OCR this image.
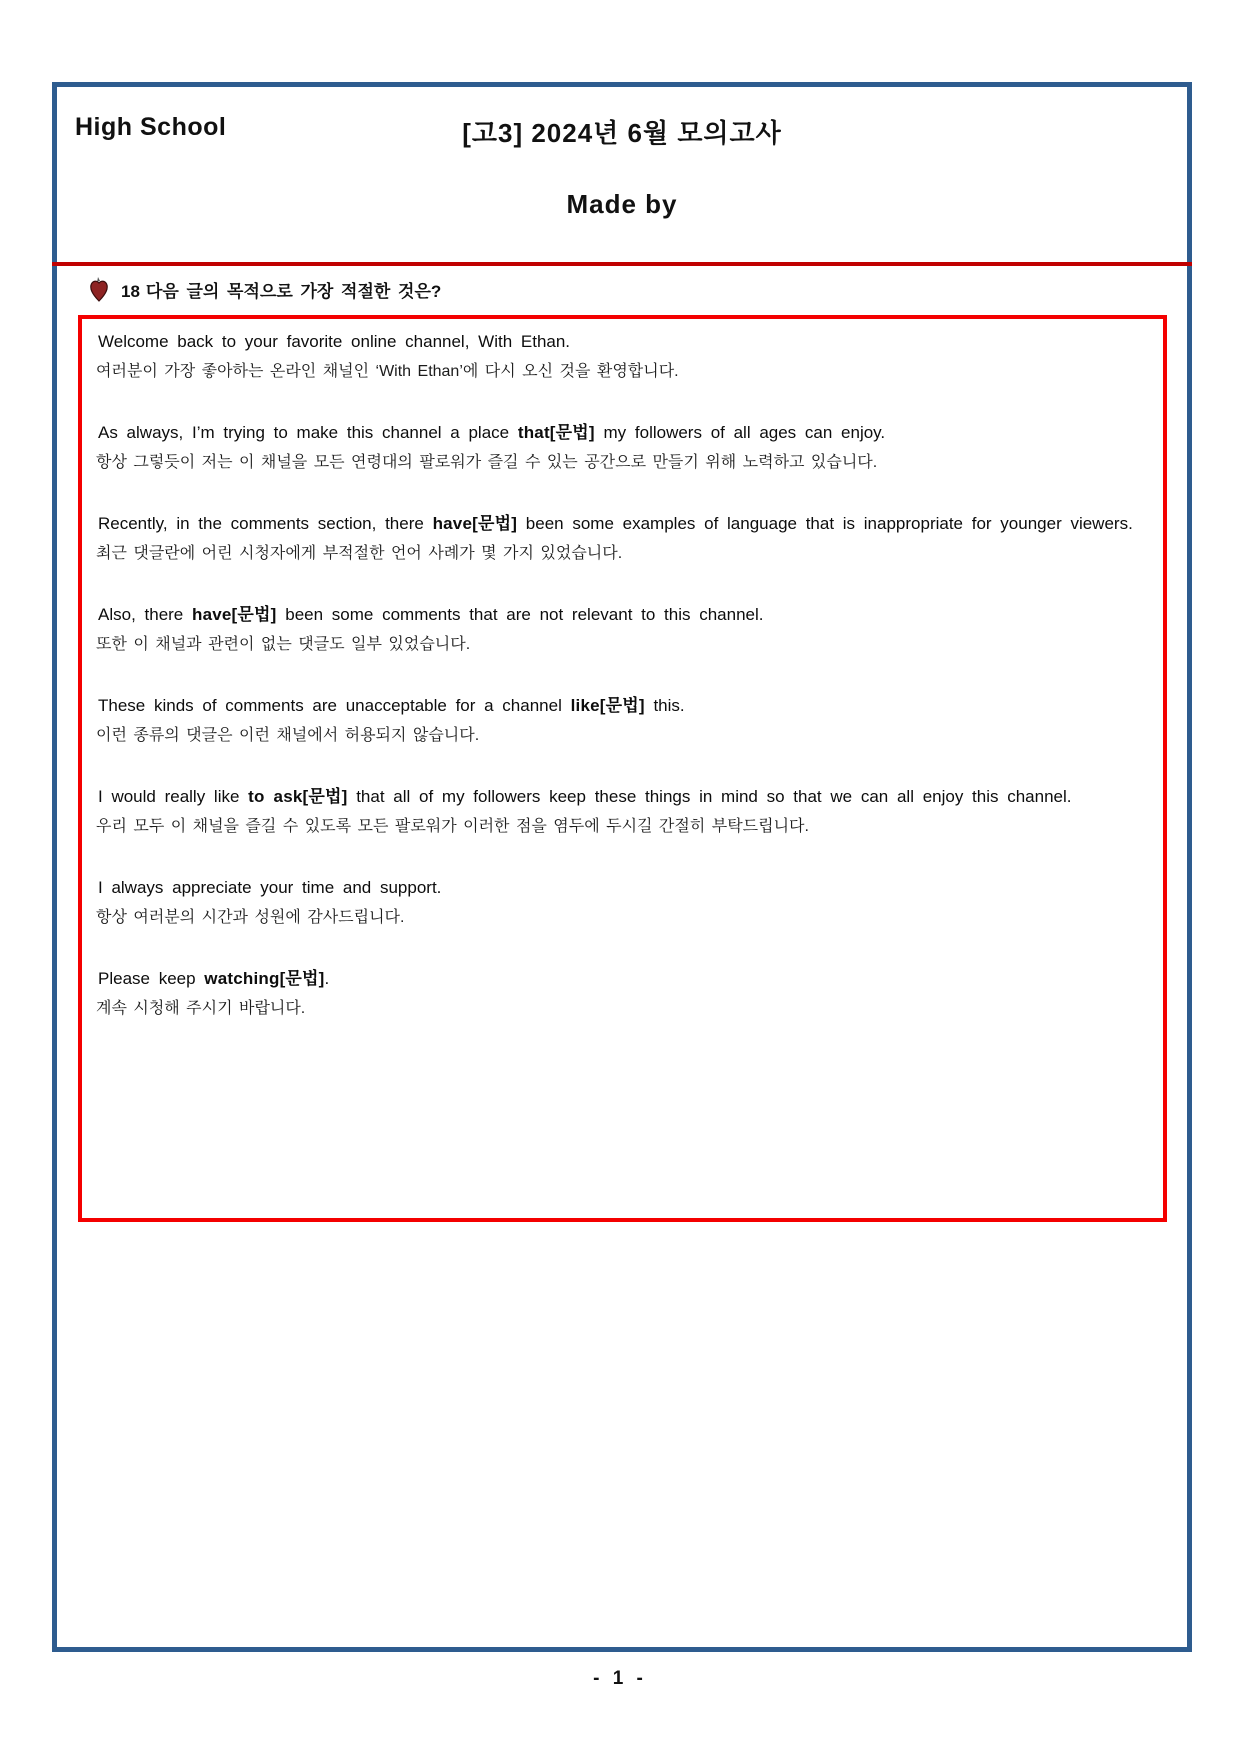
High School	[고3] 2024년 6월 모의고사
Made by
18 다음 글의 목적으로 가장 적절한 것은?

Welcome back to your favorite online channel, With Ethan.

여러분이 가장 좋아하는 온라인 채널인 ‘With Ethan’에 다시 오신 것을 환영합니다.

As always, I’m trying to make this channel a place that[문법] my followers of all ages can enjoy.

항상 그렇듯이 저는 이 채널을 모든 연령대의 팔로워가 즐길 수 있는 공간으로 만들기 위해 노력하고 있습니다.

Recently, in the comments section, there have[문법] been some examples of language that is inappropriate for younger viewers.

최근 댓글란에 어린 시청자에게 부적절한 언어 사례가 몇 가지 있었습니다.

Also, there have[문법] been some comments that are not relevant to this channel.

또한 이 채널과 관련이 없는 댓글도 일부 있었습니다.

These kinds of comments are unacceptable for a channel like[문법] this.

이런 종류의 댓글은 이런 채널에서 허용되지 않습니다.

I would really like to ask[문법] that all of my followers keep these things in mind so that we can all enjoy this channel.

우리 모두 이 채널을 즐길 수 있도록 모든 팔로워가 이러한 점을 염두에 두시길 간절히 부탁드립니다.

I always appreciate your time and support.

항상 여러분의 시간과 성원에 감사드립니다.

Please keep watching[문법].

계속 시청해 주시기 바랍니다.

- 1 -
